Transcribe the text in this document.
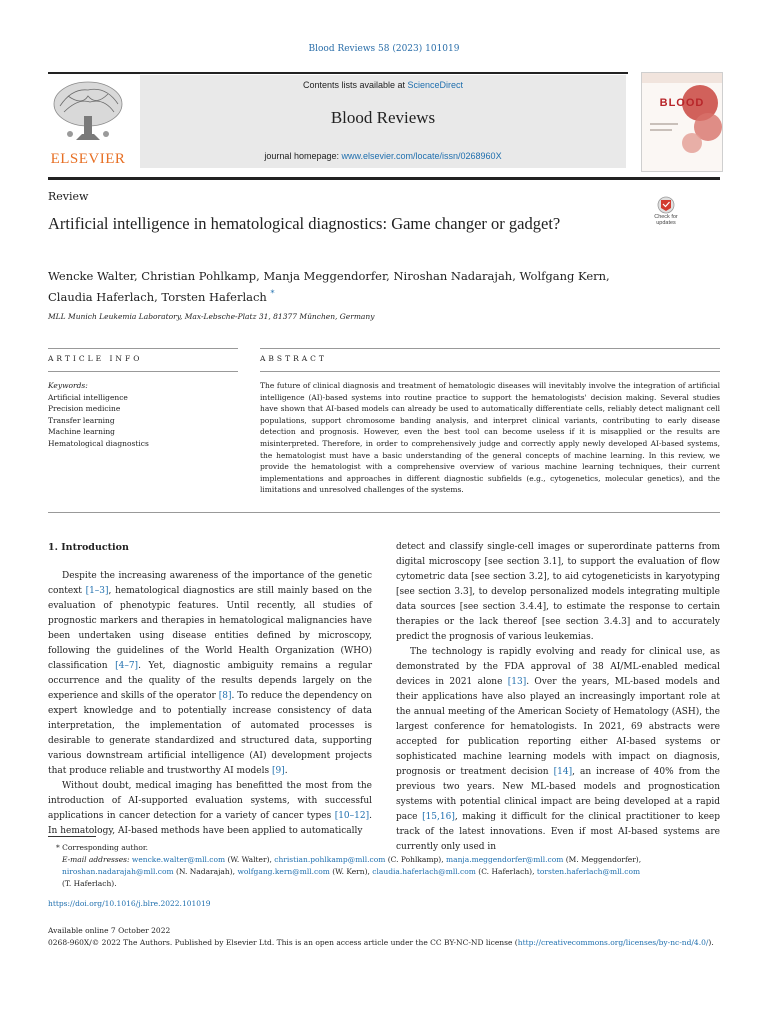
Blood Reviews 58 (2023) 101019
ELSEVIER
Contents lists available at ScienceDirect
Blood Reviews
journal homepage: www.elsevier.com/locate/issn/0268960X
BLOOD
Review
Artificial intelligence in hematological diagnostics: Game changer or gadget?	Check for updates
Wencke Walter, Christian Pohlkamp, Manja Meggendorfer, Niroshan Nadarajah, Wolfgang Kern,
Claudia Haferlach, Torsten Haferlach *
MLL Munich Leukemia Laboratory, Max-Lebsche-Platz 31, 81377 München, Germany
ARTICLE INFO	ABSTRACT
Keywords:
Artificial intelligence
Precision medicine
Transfer learning
Machine learning
Hematological diagnostics
The future of clinical diagnosis and treatment of hematologic diseases will inevitably involve the integration of artificial intelligence (AI)-based systems into routine practice to support the hematologists' decision making. Several studies have shown that AI-based models can already be used to automatically differentiate cells, reliably detect malignant cell populations, support chromosome banding analysis, and interpret clinical variants, contributing to early disease detection and prognosis. However, even the best tool can become useless if it is misapplied or the results are misinterpreted. Therefore, in order to comprehensively judge and correctly apply newly developed AI-based systems, the hematologist must have a basic understanding of the general concepts of machine learning. In this review, we provide the hematologist with a comprehensive overview of various machine learning techniques, their current implementations and approaches in different diagnostic subfields (e.g., cytogenetics, molecular genetics), and the limitations and unresolved challenges of the systems.
1. Introduction

Despite the increasing awareness of the importance of the genetic context [1–3], hematological diagnostics are still mainly based on the evaluation of phenotypic features. Until recently, all studies of prognostic markers and therapies in hematological malignancies have been undertaken using disease entities defined by microscopy, following the guidelines of the World Health Organization (WHO) classification [4–7]. Yet, diagnostic ambiguity remains a regular occurrence and the quality of the results depends largely on the experience and skills of the operator [8]. To reduce the dependency on expert knowledge and to potentially increase consistency of data interpretation, the implementation of automated processes is desirable to generate standardized and structured data, supporting various downstream artificial intelligence (AI) development projects that produce reliable and trustworthy AI models [9].

Without doubt, medical imaging has benefitted the most from the introduction of AI-supported evaluation systems, with successful applications in cancer detection for a variety of cancer types [10–12]. In hematology, AI-based methods have been applied to automatically

detect and classify single-cell images or superordinate patterns from digital microscopy [see section 3.1], to support the evaluation of flow cytometric data [see section 3.2], to aid cytogeneticists in karyotyping [see section 3.3], to develop personalized models integrating multiple data sources [see section 3.4.4], to estimate the response to certain therapies or the lack thereof [see section 3.4.3] and to accurately predict the prognosis of various leukemias.

The technology is rapidly evolving and ready for clinical use, as demonstrated by the FDA approval of 38 AI/ML-enabled medical devices in 2021 alone [13]. Over the years, ML-based models and their applications have also played an increasingly important role at the annual meeting of the American Society of Hematology (ASH), the largest conference for hematologists. In 2021, 69 abstracts were accepted for publication reporting either AI-based systems or sophisticated machine learning models with impact on diagnosis, prognosis or treatment decision [14], an increase of 40% from the previous two years. New ML-based models and prognostication systems with potential clinical impact are being developed at a rapid pace [15,16], making it difficult for the clinical practitioner to keep track of the latest innovations. Even if most AI-based systems are currently only used in

* Corresponding author.
E-mail addresses: wencke.walter@mll.com (W. Walter), christian.pohlkamp@mll.com (C. Pohlkamp), manja.meggendorfer@mll.com (M. Meggendorfer), niroshan.nadarajah@mll.com (N. Nadarajah), wolfgang.kern@mll.com (W. Kern), claudia.haferlach@mll.com (C. Haferlach), torsten.haferlach@mll.com
(T. Haferlach).
https://doi.org/10.1016/j.blre.2022.101019
Available online 7 October 2022
0268-960X/© 2022 The Authors. Published by Elsevier Ltd. This is an open access article under the CC BY-NC-ND license (http://creativecommons.org/licenses/by-nc-nd/4.0/).
